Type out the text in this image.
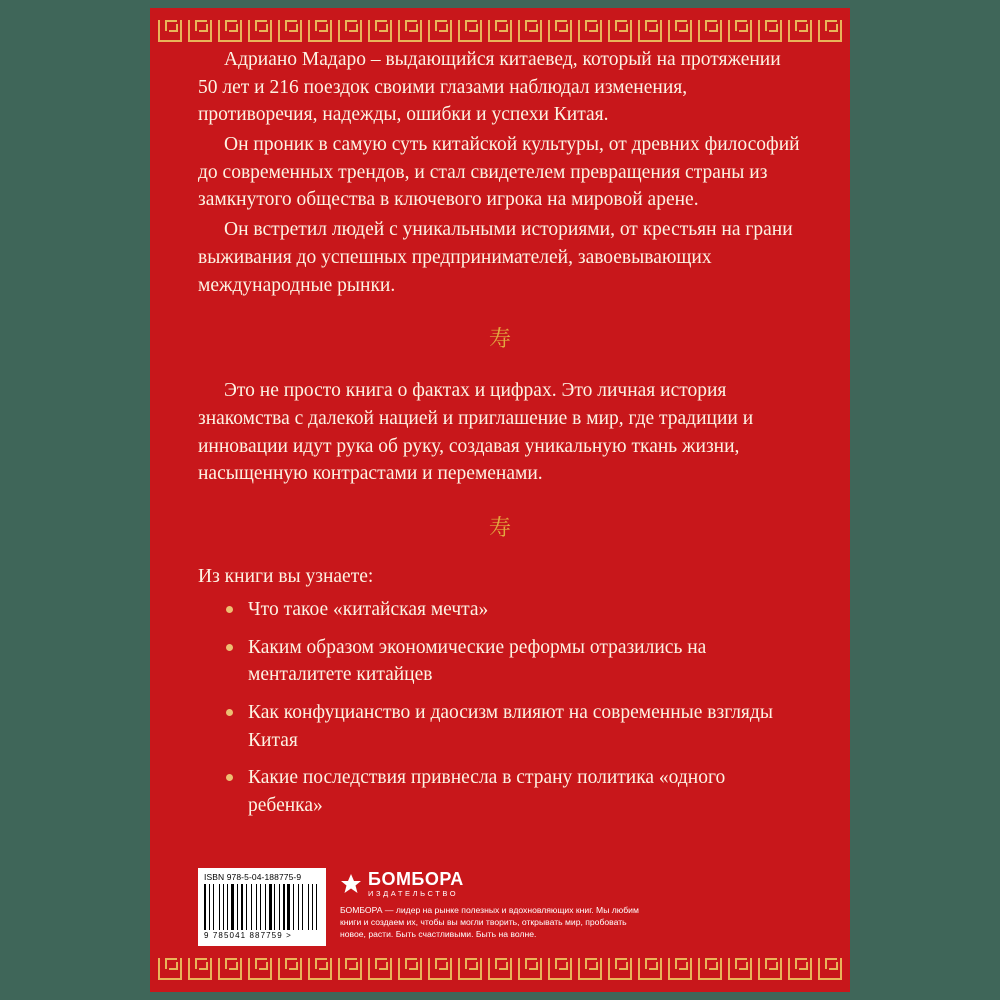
Адриано Мадаро – выдающийся китаевед, который на протяжении 50 лет и 216 поездок своими глазами наблюдал изменения, противоречия, надежды, ошибки и успехи Китая.

Он проник в самую суть китайской культуры, от древних философий до современных трендов, и стал свидетелем превращения страны из замкнутого общества в ключевого игрока на мировой арене.

Он встретил людей с уникальными историями, от крестьян на грани выживания до успешных предпринимателей, завоевывающих международные рынки.

寿

Это не просто книга о фактах и цифрах. Это личная история знакомства с далекой нацией и приглашение в мир, где традиции и инновации идут рука об руку, создавая уникальную ткань жизни, насыщенную контрастами и переменами.

寿

Из книги вы узнаете:

Что такое «китайская мечта»
Каким образом экономические реформы отразились на менталитете китайцев
Как конфуцианство и даосизм влияют на современные взгляды Китая
Какие последствия привнесла в страну политика «одного ребенка»
ISBN 978-5-04-188775-9
9 785041 887759 >
БОМБОРА
ИЗДАТЕЛЬСТВО
БОМБОРА — лидер на рынке полезных и вдохновляющих книг. Мы любим книги и создаем их, чтобы вы могли творить, открывать мир, пробовать новое, расти. Быть счастливыми. Быть на волне.
